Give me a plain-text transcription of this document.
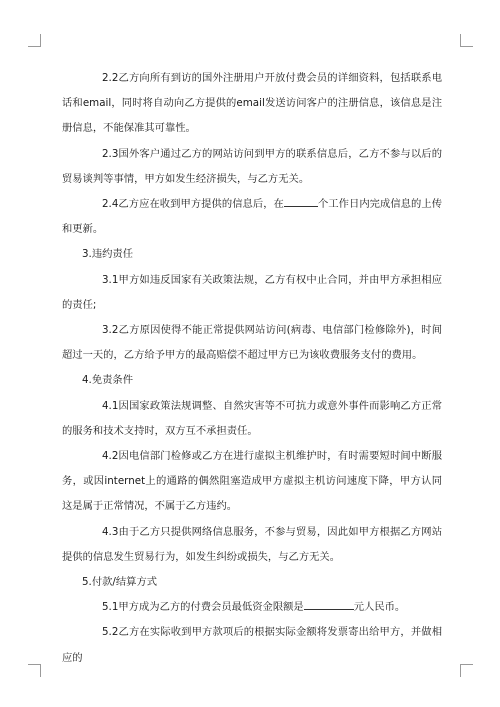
2.2乙方向所有到访的国外注册用户开放付费会员的详细资料，包括联系电话和email，同时将自动向乙方提供的email发送访问客户的注册信息，该信息是注册信息，不能保准其可靠性。

2.3国外客户通过乙方的网站访问到甲方的联系信息后，乙方不参与以后的贸易谈判等事情，甲方如发生经济损失，与乙方无关。

2.4乙方应在收到甲方提供的信息后，在	个工作日内完成信息的上传和更新。

3.违约责任

3.1甲方如违反国家有关政策法规，乙方有权中止合同，并由甲方承担相应的责任;

3.2乙方原因使得不能正常提供网站访问(病毒、电信部门检修除外)，时间超过一天的，乙方给予甲方的最高赔偿不超过甲方已为该收费服务支付的费用。

4.免责条件

4.1因国家政策法规调整、自然灾害等不可抗力或意外事件而影响乙方正常的服务和技术支持时，双方互不承担责任。

4.2因电信部门检修或乙方在进行虚拟主机维护时，有时需要短时间中断服务，或因internet上的通路的偶然阻塞造成甲方虚拟主机访问速度下降，甲方认同这是属于正常情况，不属于乙方违约。

4.3由于乙方只提供网络信息服务，不参与贸易，因此如甲方根据乙方网站提供的信息发生贸易行为，如发生纠纷或损失，与乙方无关。

5.付款/结算方式

5.1甲方成为乙方的付费会员最低资金限额是	元人民币。

5.2乙方在实际收到甲方款项后的根据实际金额将发票寄出给甲方，并做相应的
